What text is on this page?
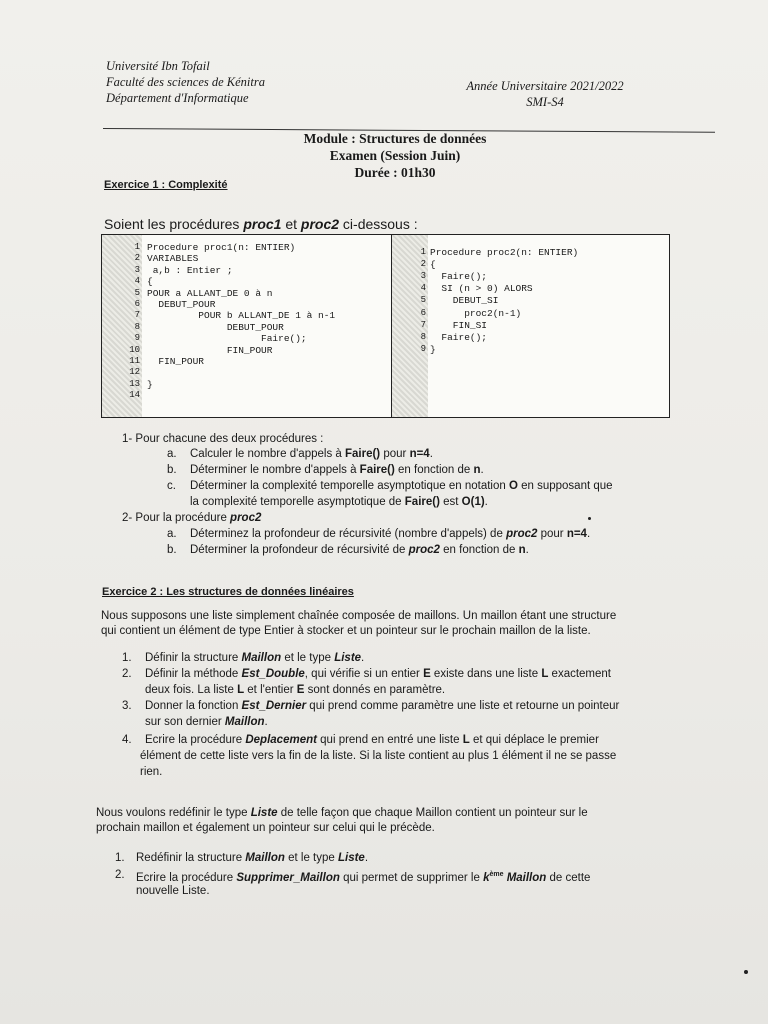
Université Ibn Tofail
Faculté des sciences de Kénitra
Département d'Informatique
Année Universitaire 2021/2022
SMI-S4
Module : Structures de données
Examen (Session Juin)
Durée : 01h30
Exercice 1 : Complexité
Soient les procédures proc1 et proc2 ci-dessous :
1 Procedure proc1(n: ENTIER)
2 VARIABLES
3 a,b : Entier ;
4 {
5 POUR a ALLANT_DE 0 à n
6 DEBUT_POUR
7 POUR b ALLANT_DE 1 à n-1
8 DEBUT_POUR
9 Faire();
10 FIN_POUR
11 FIN_POUR
12
13 }
14
1 Procedure proc2(n: ENTIER)
2 {
3 Faire();
4 SI (n > 0) ALORS
5 DEBUT_SI
6 proc2(n-1)
7 FIN_SI
8 Faire();
9 }
1- Pour chacune des deux procédures :
a. Calculer le nombre d'appels à Faire() pour n=4.
b. Déterminer le nombre d'appels à Faire() en fonction de n.
c. Déterminer la complexité temporelle asymptotique en notation O en supposant que
la complexité temporelle asymptotique de Faire() est O(1).
2- Pour la procédure proc2
a. Déterminez la profondeur de récursivité (nombre d'appels) de proc2 pour n=4.
b. Déterminer la profondeur de récursivité de proc2 en fonction de n.
Exercice 2 : Les structures de données linéaires
Nous supposons une liste simplement chaînée composée de maillons. Un maillon étant une structure
qui contient un élément de type Entier à stocker et un pointeur sur le prochain maillon de la liste.
1. Définir la structure Maillon et le type Liste.
2. Définir la méthode Est_Double, qui vérifie si un entier E existe dans une liste L exactement
deux fois. La liste L et l'entier E sont donnés en paramètre.
3. Donner la fonction Est_Dernier qui prend comme paramètre une liste et retourne un pointeur
sur son dernier Maillon.
4. Ecrire la procédure Deplacement qui prend en entré une liste L et qui déplace le premier
élément de cette liste vers la fin de la liste. Si la liste contient au plus 1 élément il ne se passe
rien.
Nous voulons redéfinir le type Liste de telle façon que chaque Maillon contient un pointeur sur le
prochain maillon et également un pointeur sur celui qui le précède.
1. Redéfinir la structure Maillon et le type Liste.
2. Ecrire la procédure Supprimer_Maillon qui permet de supprimer le $k^{ème}$ Maillon de cette
nouvelle Liste.
